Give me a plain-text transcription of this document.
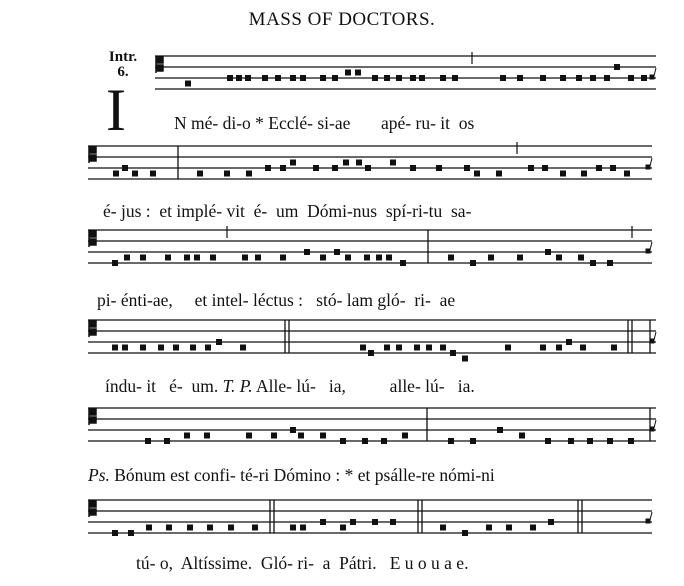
MASS OF DOCTORS.
Intr.
6.
I	N mé- di-o * Ecclé- si-ae       apé- ru- it  os
é- jus :  et implé- vit  é-  um  Dómi-nus  spí-ri-tu  sa-
pi- énti-ae,     et intel- léctus :   stó- lam gló-  ri-  ae
índu- it   é-  um. T. P. Alle- lú-   ia,          alle- lú-   ia.
Ps. Bónum est confi- té-ri Dómino : * et psálle-re nómi-ni
tú- o,  Altíssime.  Gló- ri-  a  Pátri.   E u o u a e.
